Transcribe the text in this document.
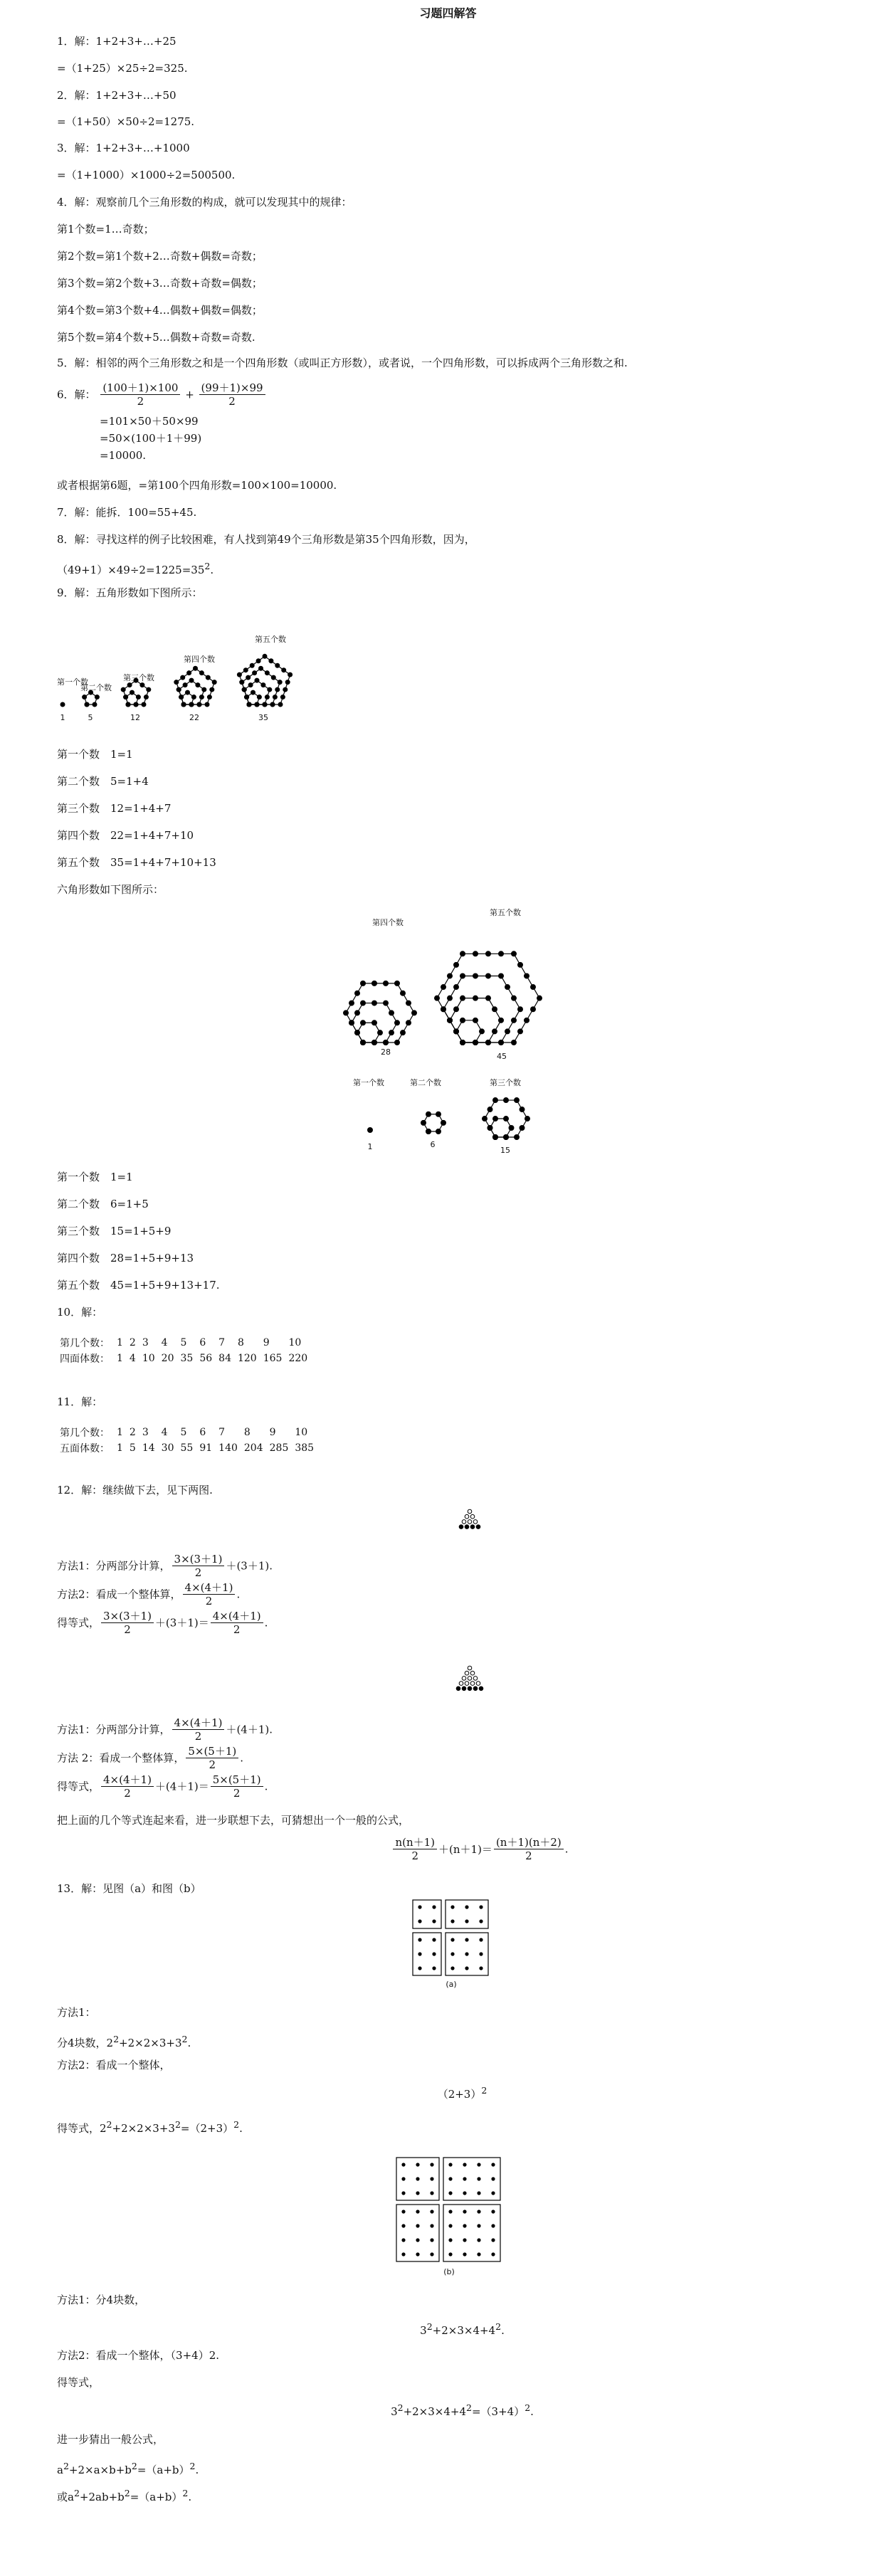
习题四解答
1．解：1+2+3+…+25
=（1+25）×25÷2=325.
2．解：1+2+3+…+50
=（1+50）×50÷2=1275.
3．解：1+2+3+…+1000
=（1+1000）×1000÷2=500500.
4．解：观察前几个三角形数的构成，就可以发现其中的规律：
第1个数=1…奇数；
第2个数=第1个数+2…奇数+偶数=奇数；
第3个数=第2个数+3…奇数+奇数=偶数；
第4个数=第3个数+4…偶数+偶数=偶数；
第5个数=第4个数+5…偶数+奇数=奇数.
5．解：相邻的两个三角形数之和是一个四角形数（或叫正方形数），或者说，一个四角形数，可以拆成两个三角形数之和.
6．解： $\frac{(100+1)\times 100}{2} + \frac{(99+1)\times 99}{2}$
=101×50＋50×99
=50×(100＋1＋99)
=10000.
或者根据第6题，=第100个四角形数=100×100=10000.
7．解：能拆．100=55+45.
8．解：寻找这样的例子比较困难，有人找到第49个三角形数是第35个四角形数，因为，
$(49+1)\times 49\div 2=1225=35^2$.
9．解：五角形数如下图所示：
1	5	12	22	35
第一个数
第二个数
第三个数
第四个数
第五个数
第一个数　1=1
第二个数　5=1+4
第三个数　12=1+4+7
第四个数　22=1+4+7+10
第五个数　35=1+4+7+10+13
六角形数如下图所示：
第四个数
第五个数
28	45
第一个数	第二个数	第三个数
1	6
15
第一个数　1=1
第二个数　6=1+5
第三个数　15=1+5+9
第四个数　28=1+5+9+13
第五个数　45=1+5+9+13+17.
10．解：
第几个数：	1	2	3	4	5	6	7	8	9	10
四面体数：	1	4	10	20	35	56	84	120	165	220
11．解：
第几个数：	1	2	3	4	5	6	7	8	9	10
五面体数：	1	5	14	30	55	91	140	204	285	385
12．解：继续做下去，见下两图.
方法1：分两部分计算， $\frac{3\times(3+1)}{2} +(3+1)$.
方法2：看成一个整体算， $\frac{4\times(4+1)}{2}$ .
得等式， $\frac{3\times(3+1)}{2} +(3+1)= \frac{4\times(4+1)}{2}$ .
方法1：分两部分计算， $\frac{4\times(4+1)}{2} +(4+1)$.
方法 2：看成一个整体算， $\frac{5\times(5+1)}{2}$ .
得等式， $\frac{4\times(4+1)}{2} +(4+1)= \frac{5\times(5+1)}{2}$ .
把上面的几个等式连起来看，进一步联想下去，可猜想出一个一般的公式，
$\frac{n(n+1)}{2} +(n+1)= \frac{(n+1)(n+2)}{2}$ .
13．解：见图（a）和图（b）
(a)
方法1：
分4块数，$2^2+2\times 2\times 3+3^2$.
方法2：看成一个整体，
$(2+3)^2$
得等式，$2^2+2\times 2\times 3+3^2=(2+3)^2$.
(b)
方法1：分4块数，
$3^2+2\times 3\times 4+4^2$.
方法2：看成一个整体，（3+4）2.
得等式，
$3^2+2\times 3\times 4+4^2=(3+4)^2$.
进一步猜出一般公式，
$a^2+2\times a\times b+b^2=(a+b)^2$.
或$a^2+2ab+b^2=(a+b)^2$.
